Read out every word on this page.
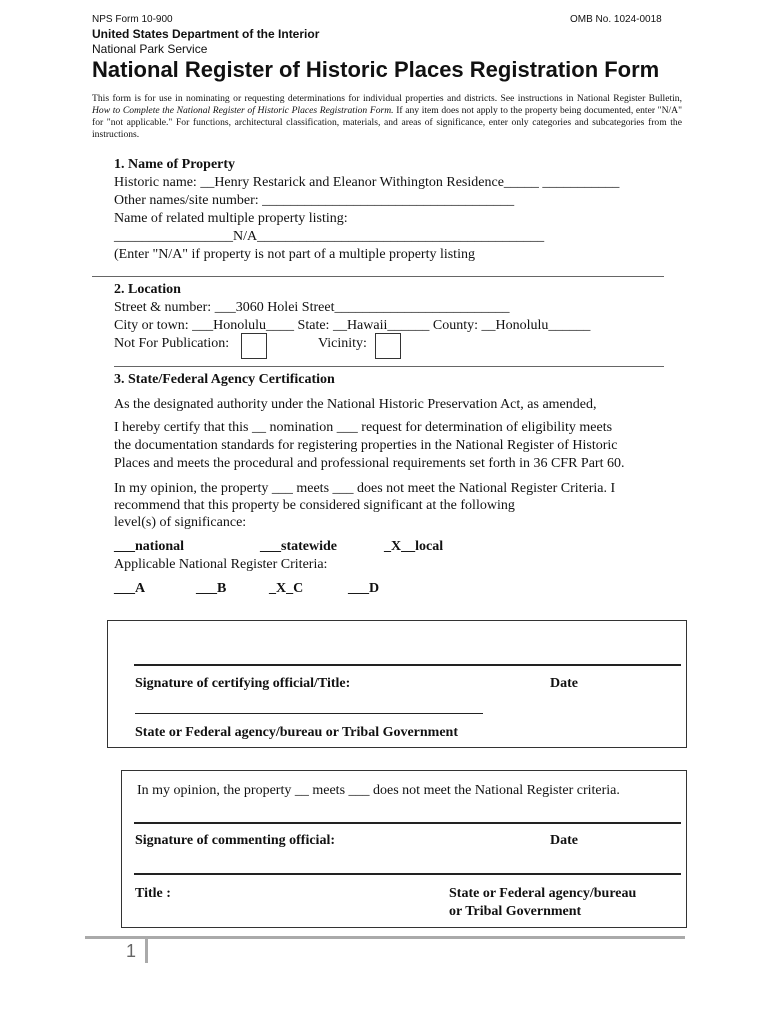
NPS Form 10-900	OMB No. 1024-0018
United States Department of the Interior
National Park Service
National Register of Historic Places Registration Form
This form is for use in nominating or requesting determinations for individual properties and districts. See instructions in National Register Bulletin, How to Complete the National Register of Historic Places Registration Form. If any item does not apply to the property being documented, enter "N/A" for "not applicable." For functions, architectural classification, materials, and areas of significance, enter only categories and subcategories from the instructions.
1. Name of Property
Historic name: __Henry Restarick and Eleanor Withington Residence_____ ___________
Other names/site number: ____________________________________
Name of related multiple property listing:
_________________N/A_________________________________________
(Enter "N/A" if property is not part of a multiple property listing
2. Location
Street & number: ___3060 Holei Street_________________________
City or town: ___Honolulu____ State: __Hawaii______ County: __Honolulu______
Not For Publication:	Vicinity:
3. State/Federal Agency Certification
As the designated authority under the National Historic Preservation Act, as amended,
I hereby certify that this __ nomination ___ request for determination of eligibility meets
the documentation standards for registering properties in the National Register of Historic
Places and meets the procedural and professional requirements set forth in 36 CFR Part 60.
In my opinion, the property ___ meets ___ does not meet the National Register Criteria. I
recommend that this property be considered significant at the following
level(s) of significance:
___national	___statewide	_X__local
Applicable National Register Criteria:
___A	___B	_X_C	___D
Signature of certifying official/Title:	Date
State or Federal agency/bureau or Tribal Government
In my opinion, the property __ meets ___ does not meet the National Register criteria.
Signature of commenting official:	Date
Title :	State or Federal agency/bureau
or Tribal Government
1
